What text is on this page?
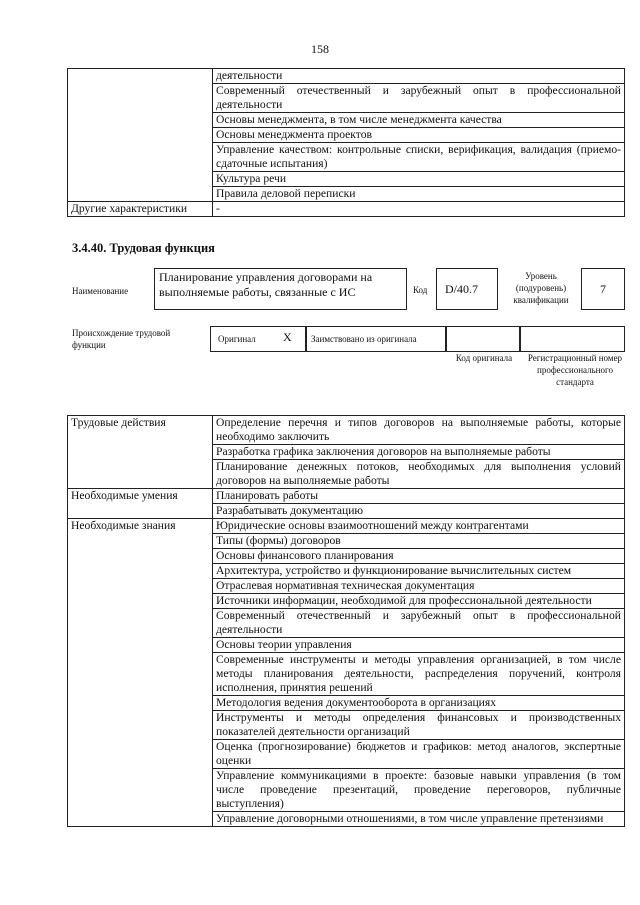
158
	деятельности
	Современный отечественный и зарубежный опыт в профессиональной деятельности
	Основы менеджмента, в том числе менеджмента качества
	Основы менеджмента проектов
	Управление качеством: контрольные списки, верификация, валидация (приемо-сдаточные испытания)
	Культура речи
	Правила деловой переписки
Другие характеристики	-
3.4.40. Трудовая функция
Наименование
Планирование управления договорами на выполняемые работы, связанные с ИС	Код	D/40.7
Уровень (подуровень) квалификации
7
Происхождение трудовой функции
Оригинал X Заимствовано из оригинала
Код оригинала	Регистрационный номер профессионального стандарта
Трудовые действия	Определение перечня и типов договоров на выполняемые работы, которые необходимо заключить
	Разработка графика заключения договоров на выполняемые работы
	Планирование денежных потоков, необходимых для выполнения условий договоров на выполняемые работы
Необходимые умения	Планировать работы
	Разрабатывать документацию
Необходимые знания	Юридические основы взаимоотношений между контрагентами
	Типы (формы) договоров
	Основы финансового планирования
	Архитектура, устройство и функционирование вычислительных систем
	Отраслевая нормативная техническая документация
	Источники информации, необходимой для профессиональной деятельности
	Современный отечественный и зарубежный опыт в профессиональной деятельности
	Основы теории управления
	Современные инструменты и методы управления организацией, в том числе методы планирования деятельности, распределения поручений, контроля исполнения, принятия решений
	Методология ведения документооборота в организациях
	Инструменты и методы определения финансовых и производственных показателей деятельности организаций
	Оценка (прогнозирование) бюджетов и графиков: метод аналогов, экспертные оценки
	Управление коммуникациями в проекте: базовые навыки управления (в том числе проведение презентаций, проведение переговоров, публичные выступления)
	Управление договорными отношениями, в том числе управление претензиями
